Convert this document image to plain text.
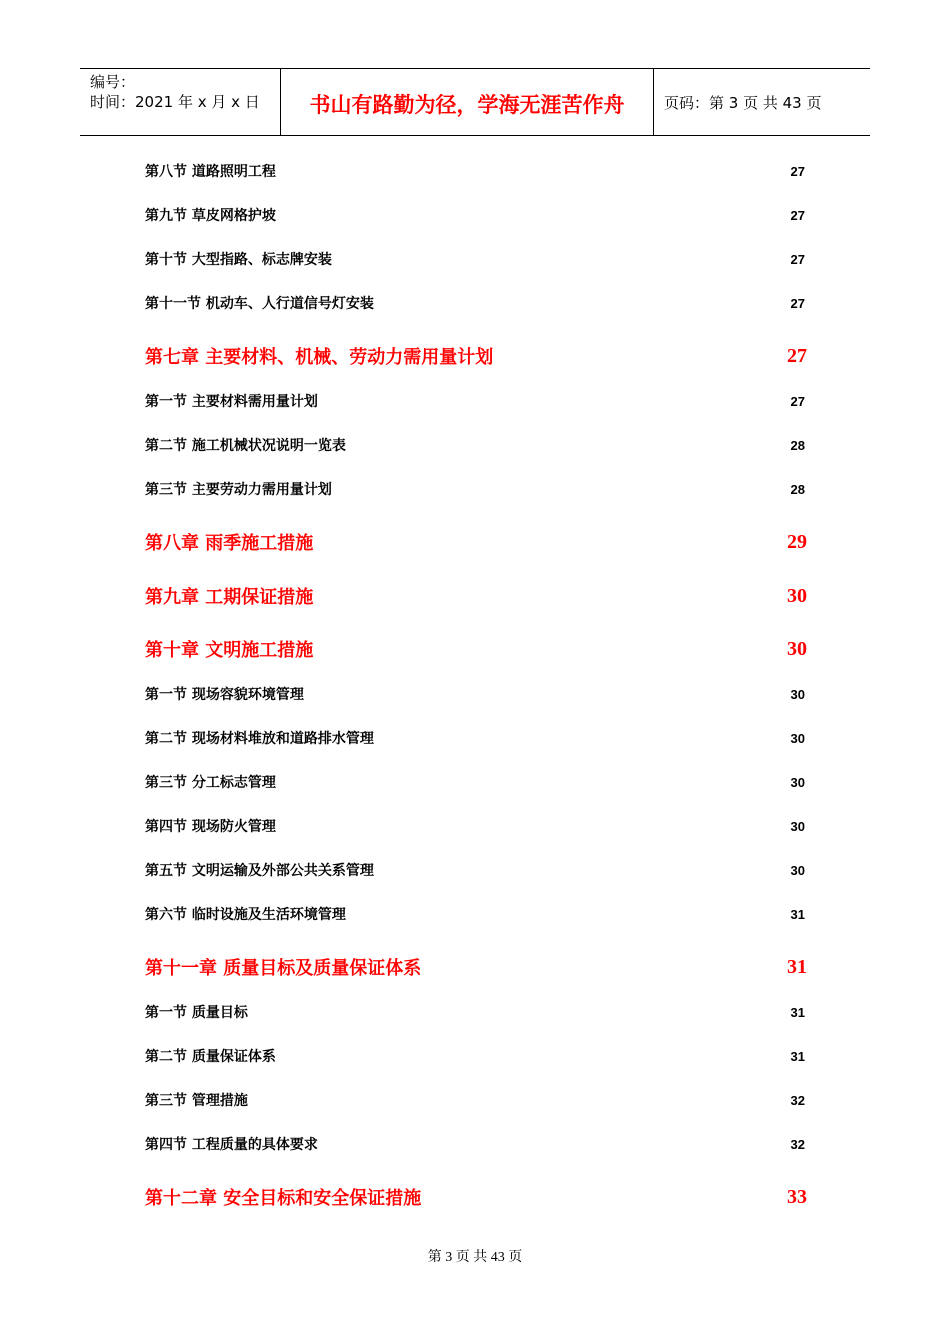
编号：
时间：2021 年 x 月 x 日	书山有路勤为径，学海无涯苦作舟	页码：第 3 页 共 43 页
第八节 道路照明工程	27
第九节 草皮网格护坡	27
第十节 大型指路、标志牌安装	27
第十一节 机动车、人行道信号灯安装	27
第七章 主要材料、机械、劳动力需用量计划	27
第一节 主要材料需用量计划	27
第二节 施工机械状况说明一览表	28
第三节 主要劳动力需用量计划	28
第八章 雨季施工措施	29
第九章 工期保证措施	30
第十章 文明施工措施	30
第一节 现场容貌环境管理	30
第二节 现场材料堆放和道路排水管理	30
第三节 分工标志管理	30
第四节 现场防火管理	30
第五节 文明运输及外部公共关系管理	30
第六节 临时设施及生活环境管理	31
第十一章 质量目标及质量保证体系	31
第一节 质量目标	31
第二节 质量保证体系	31
第三节 管理措施	32
第四节 工程质量的具体要求	32
第十二章 安全目标和安全保证措施	33
第 3 页 共 43 页
